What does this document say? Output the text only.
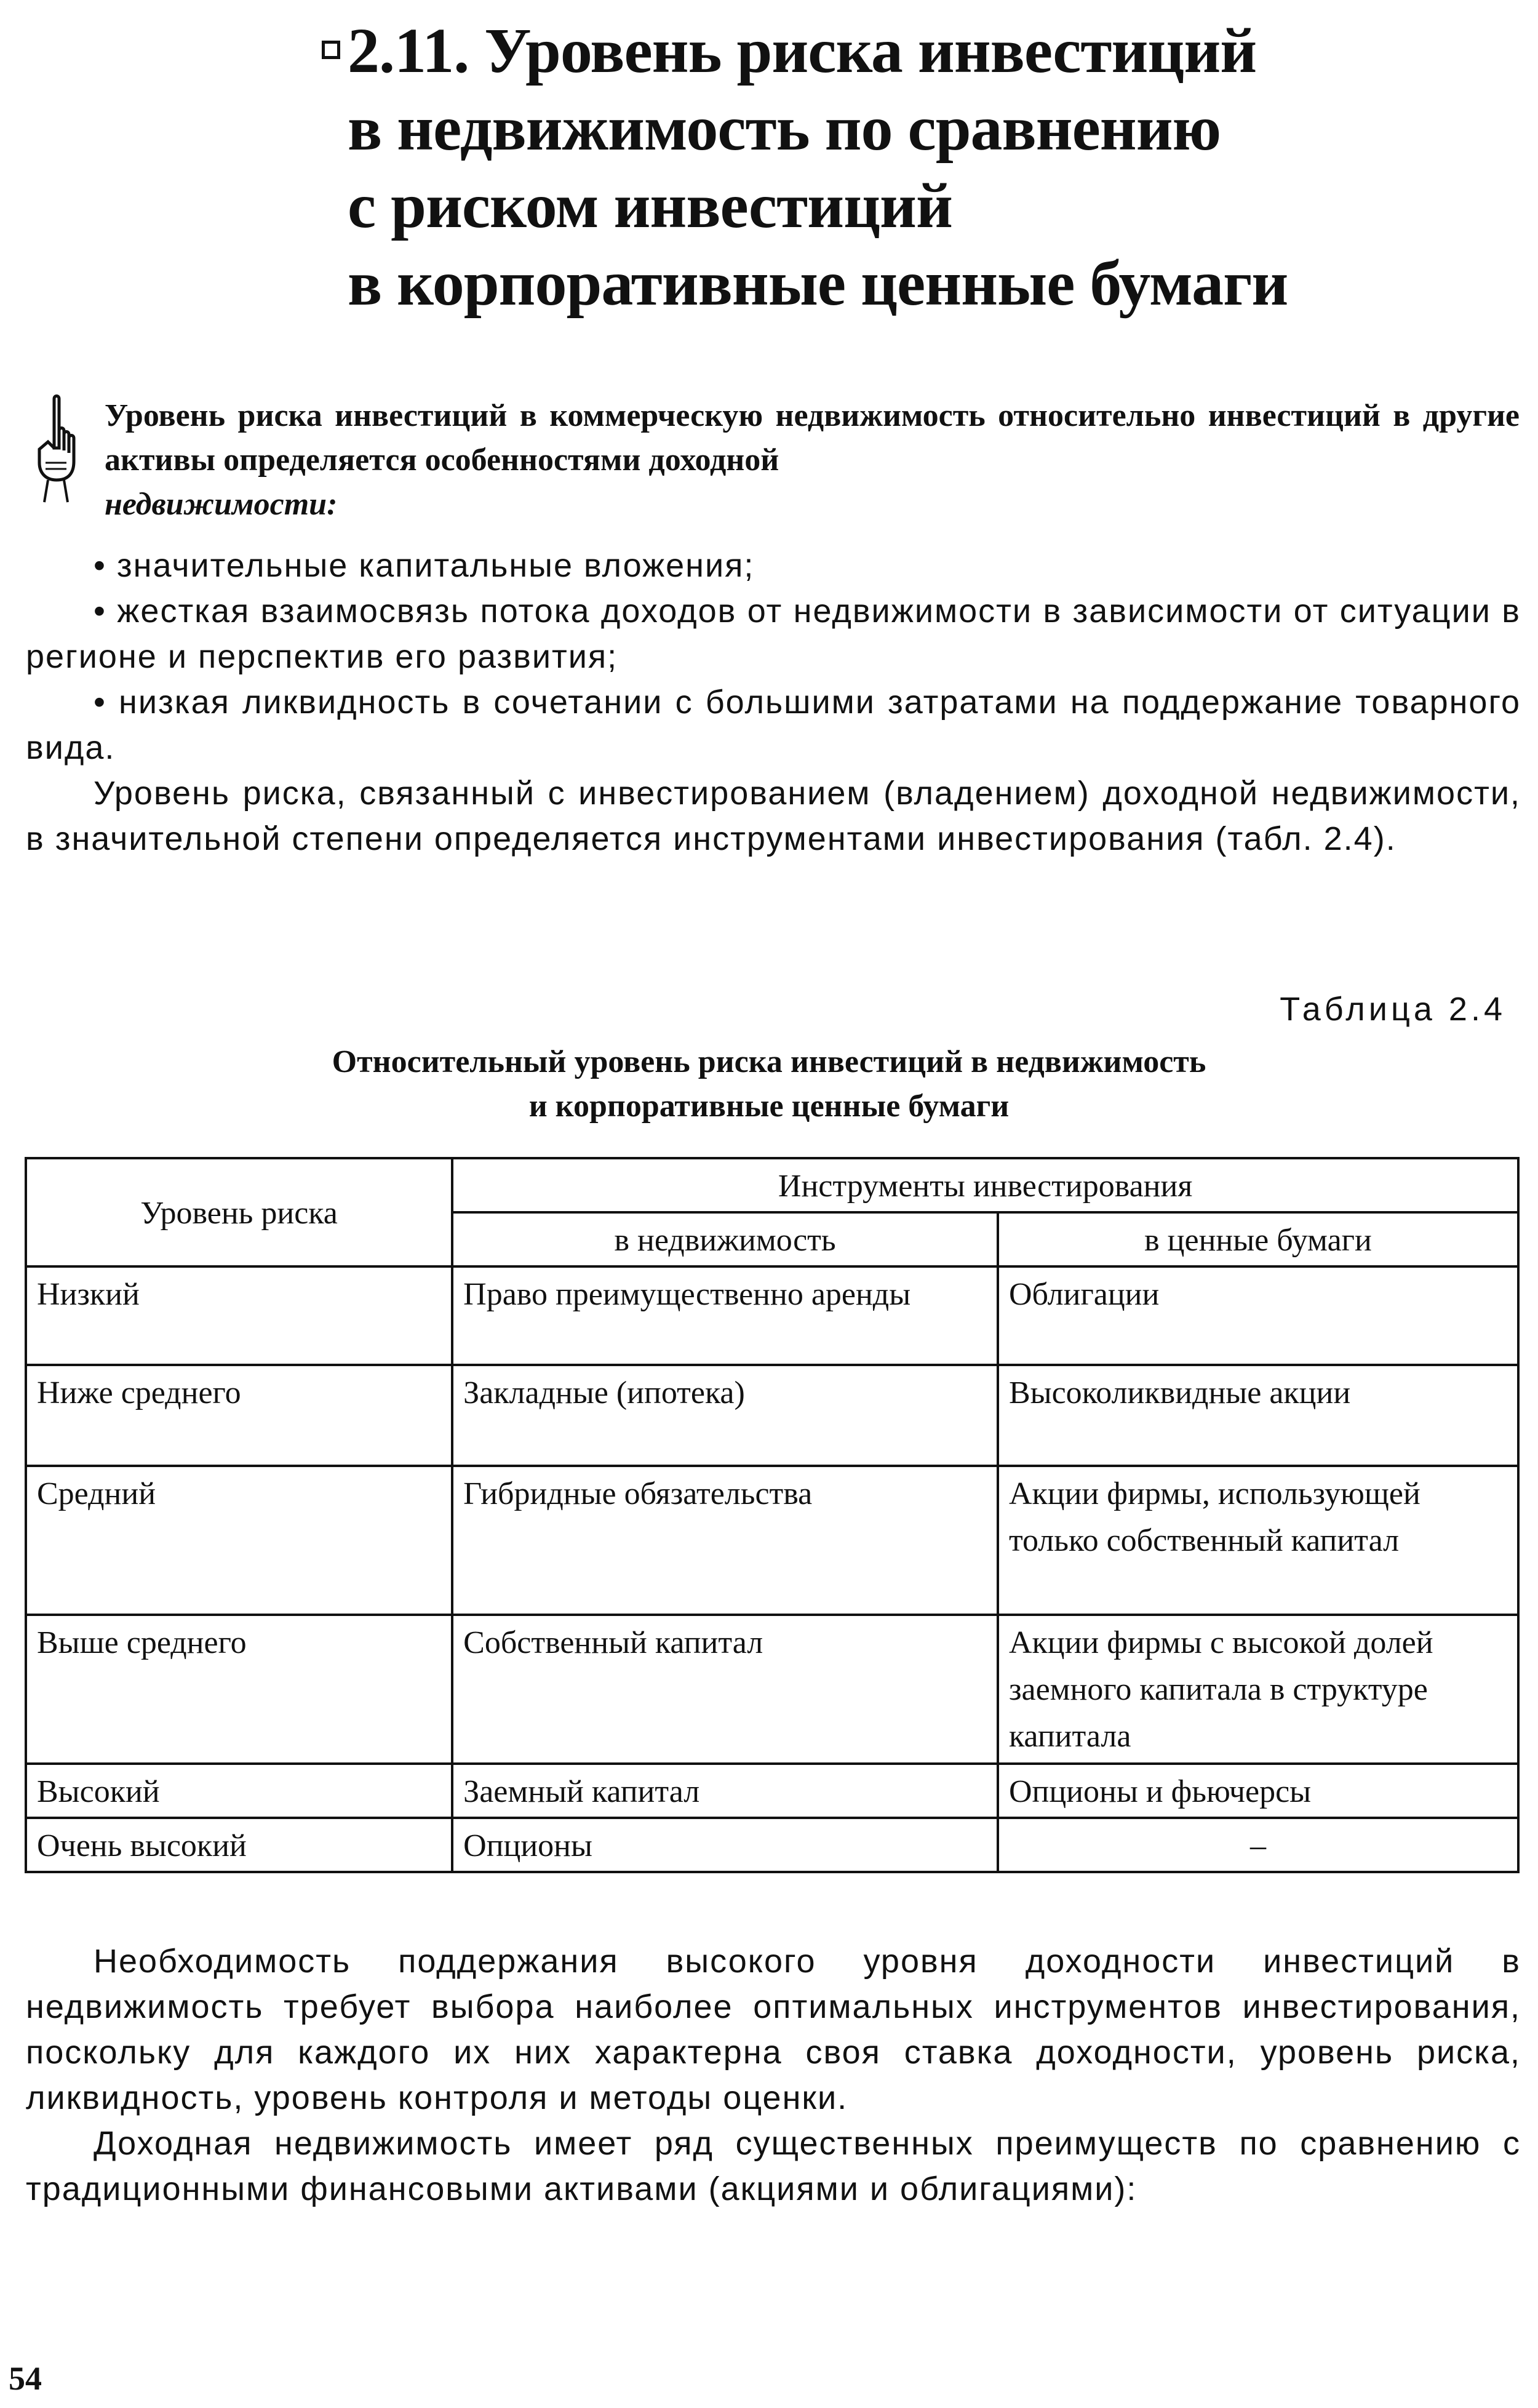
2.11. Уровень риска инвестиций
в недвижимость по сравнению
с риском инвестиций
в корпоративные ценные бумаги
Уровень риска инвестиций в коммерческую недвижимость относительно инвестиций в другие активы определяется особенностями доходной
недвижимости:

• значительные капитальные вложения;

• жесткая взаимосвязь потока доходов от недвижимости в зависимости от ситуации в регионе и перспектив его развития;

• низкая ликвидность в сочетании с большими затратами на поддержание товарного вида.

Уровень риска, связанный с инвестированием (владением) доходной недвижимости, в значительной степени определяется инструментами инвестирования (табл. 2.4).

Таблица 2.4
Относительный уровень риска инвестиций в недвижимость
и корпоративные ценные бумаги
Уровень риска	Инструменты инвестирования	
	в недвижимость	в ценные бумаги
Низкий	Право преимущественно аренды	Облигации
Ниже среднего	Закладные (ипотека)	Высоколиквидные акции
Средний	Гибридные обязательства	Акции фирмы, использующей только собственный капитал
Выше среднего	Собственный капитал	Акции фирмы с высокой долей заемного капитала в структуре капитала
Высокий	Заемный капитал	Опционы и фьючерсы
Очень высокий	Опционы	–

Необходимость поддержания высокого уровня доходности инвестиций в недвижимость требует выбора наиболее оптимальных инструментов инвестирования, поскольку для каждого их них характерна своя ставка доходности, уровень риска, ликвидность, уровень контроля и методы оценки.

Доходная недвижимость имеет ряд существенных преимуществ по сравнению с традиционными финансовыми активами (акциями и облигациями):

54
